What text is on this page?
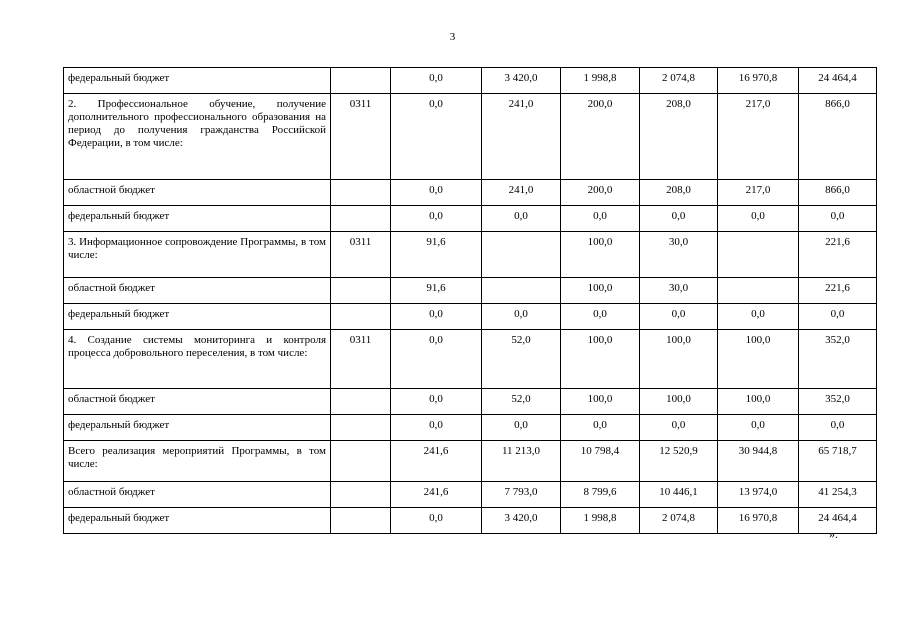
3
федеральный бюджет		0,0	3 420,0	1 998,8	2 074,8	16 970,8	24 464,4
2. Профессиональное обучение, получение дополнительного профессионального образования на период до получения гражданства Российской Федерации, в том числе:	0311	0,0	241,0	200,0	208,0	217,0	866,0
областной бюджет		0,0	241,0	200,0	208,0	217,0	866,0
федеральный бюджет		0,0	0,0	0,0	0,0	0,0	0,0
3. Информационное сопровождение Программы, в том числе:	0311	91,6		100,0	30,0		221,6
областной бюджет		91,6		100,0	30,0		221,6
федеральный бюджет		0,0	0,0	0,0	0,0	0,0	0,0
4. Создание системы мониторинга и контроля процесса добровольного переселения, в том числе:	0311	0,0	52,0	100,0	100,0	100,0	352,0
областной бюджет		0,0	52,0	100,0	100,0	100,0	352,0
федеральный бюджет		0,0	0,0	0,0	0,0	0,0	0,0
Всего реализация мероприятий Программы, в том числе:		241,6	11 213,0	10 798,4	12 520,9	30 944,8	65 718,7
областной бюджет		241,6	7 793,0	8 799,6	10 446,1	13 974,0	41 254,3
федеральный бюджет		0,0	3 420,0	1 998,8	2 074,8	16 970,8	24 464,4
».
